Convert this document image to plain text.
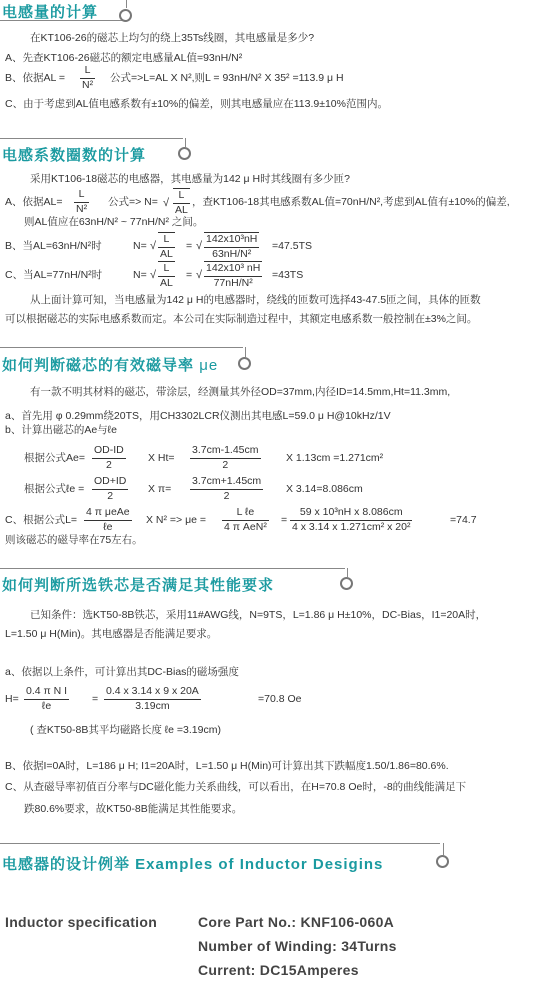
电感量的计算
在KT106-26的磁芯上均匀的绕上35Ts线圈，其电感量是多少?
A、先查KT106-26磁芯的额定电感量AL值=93nH/N²
B、依据AL = $\frac{L}{\text{N²}}$ 公式=>L=AL X N²,则L = 93nH/N² X 35² =113.9 μ H
C、由于考虑到AL值电感系数有±10%的偏差，则其电感量应在113.9±10%范围内。
电感系数圈数的计算
采用KT106-18磁芯的电感器，其电感量为142 μ H时其线圈有多少匝?
A、依据$AL= \frac{L}{\text{N²}}$ 公式=> N= √ $\frac{L}{AL}$ ，查KT106-18其电感系数AL值=70nH/N²,考虑到AL值有±10%的偏差,
则AL值应在63nH/N² ~ 77nH/N² 之间。
B、当AL=63nH/N²时	N= √ $\frac{L}{AL}$ = √ $\frac{\text{142x10³nH}}{\text{63nH/N²}} =47.5TS$
C、当AL=77nH/N²时	N= √ $\frac{L}{AL}$ = √ $\frac{\text{142x10³ nH}}{\text{77nH/N²}} =43TS$
从上面计算可知，当电感量为142 μ H的电感器时，绕线的匝数可选择43-47.5匝之间，具体的匝数
可以根据磁芯的实际电感系数而定。本公司在实际制造过程中，其额定电感系数一般控制在±3%之间。
如何判断磁芯的有效磁导率 μe
有一款不明其材料的磁芯，带涂层，经测量其外径OD=37mm,内径ID=14.5mm,Ht=11.3mm,
a、首先用 φ 0.29mm绕20TS，用CH3302LCR仪测出其电感L=59.0 μ H@10kHz/1V
b、计算出磁芯的Ae与ℓe
根据公式$Ae= \frac{OD-ID}{2}$ X $Ht= \frac{3.7cm-1.45cm}{2}$ X 1.13cm =1.271cm²
根据公式ℓe = $\frac{OD+ID}{2}$ X $\pi= \frac{3.7cm+1.45cm}{2}$ X 3.14=8.086cm
C、根据公式L=
4 π μeAe
ℓe
X N² => μe =
L ℓe
4 π AeN²
= $\frac{\text{59 x 10³nH x 8.086cm}}{\text{4 x 3.14 x 1.271cm² x 20²}}$	=74.7
则该磁芯的磁导率在75左右。
如何判断所选铁芯是否满足其性能要求
已知条件：选KT50-8B铁芯，采用11#AWG线，N=9TS，L=1.86 μ H±10%，DC-Bias，I1=20A时，
L=1.50 μ H(Min)。其电感器是否能满足要求。
a、依据以上条件，可计算出其DC-Bias的磁场强度
H=
0.4 π N I
ℓe
= $\frac{0.4 x 3.14 x 9 x 20A}{3.19cm}$	=70.8 Oe
( 查KT50-8B其平均磁路长度 ℓe =3.19cm)
B、依据I=0A时，L=186 μ H; I1=20A时，L=1.50 μ H(Min)可计算出其下跌幅度1.50/1.86=80.6%.
C、从查磁导率初值百分率与DC磁化能力关系曲线，可以看出，在H=70.8 Oe时，-8的曲线能满足下
跌80.6%要求，故KT50-8B能满足其性能要求。
电感器的设计例举 Examples of Inductor Desigins
Inductor specification	Core Part No.: KNF106-060A
Number of Winding: 34Turns
Current: DC15Amperes
